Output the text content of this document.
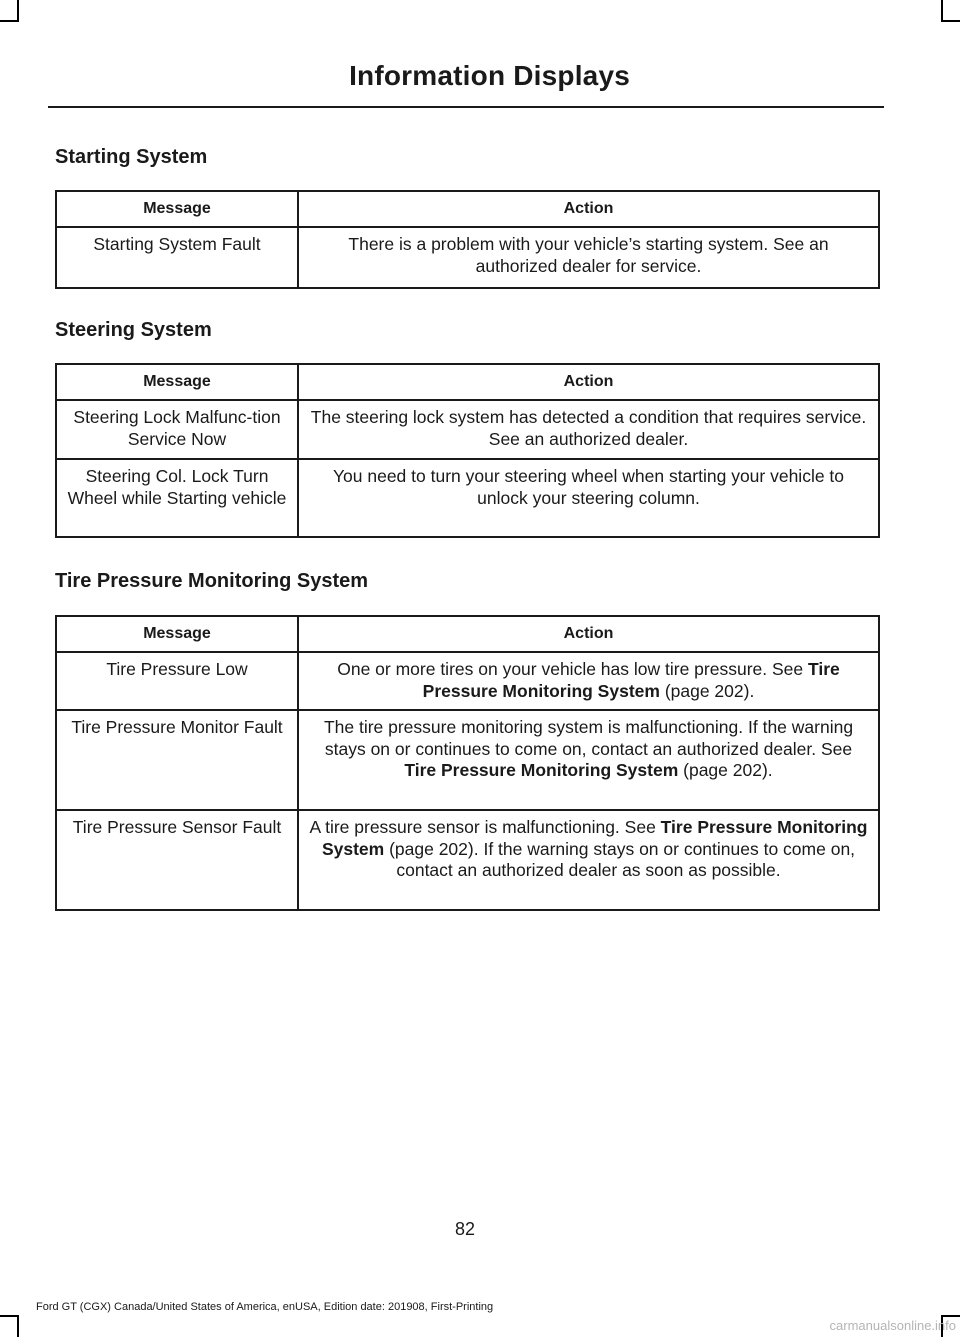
Information Displays
Starting System
Message	Action
Starting System Fault	There is a problem with your vehicle’s starting system. See an authorized dealer for service.
Steering System
Message	Action
Steering Lock Malfunc-tion Service Now	The steering lock system has detected a condition that requires service. See an authorized dealer.
Steering Col. Lock Turn Wheel while Starting vehicle	You need to turn your steering wheel when starting your vehicle to unlock your steering column.
Tire Pressure Monitoring System
Message	Action
Tire Pressure Low	One or more tires on your vehicle has low tire pressure. See Tire Pressure Monitoring System (page 202).
Tire Pressure Monitor Fault	The tire pressure monitoring system is malfunctioning. If the warning stays on or continues to come on, contact an authorized dealer. See Tire Pressure Monitoring System (page 202).
Tire Pressure Sensor Fault	A tire pressure sensor is malfunctioning. See Tire Pressure Monitoring System (page 202). If the warning stays on or continues to come on, contact an authorized dealer as soon as possible.
82
Ford GT (CGX) Canada/United States of America, enUSA, Edition date: 201908, First-Printing
carmanualsonline.info
